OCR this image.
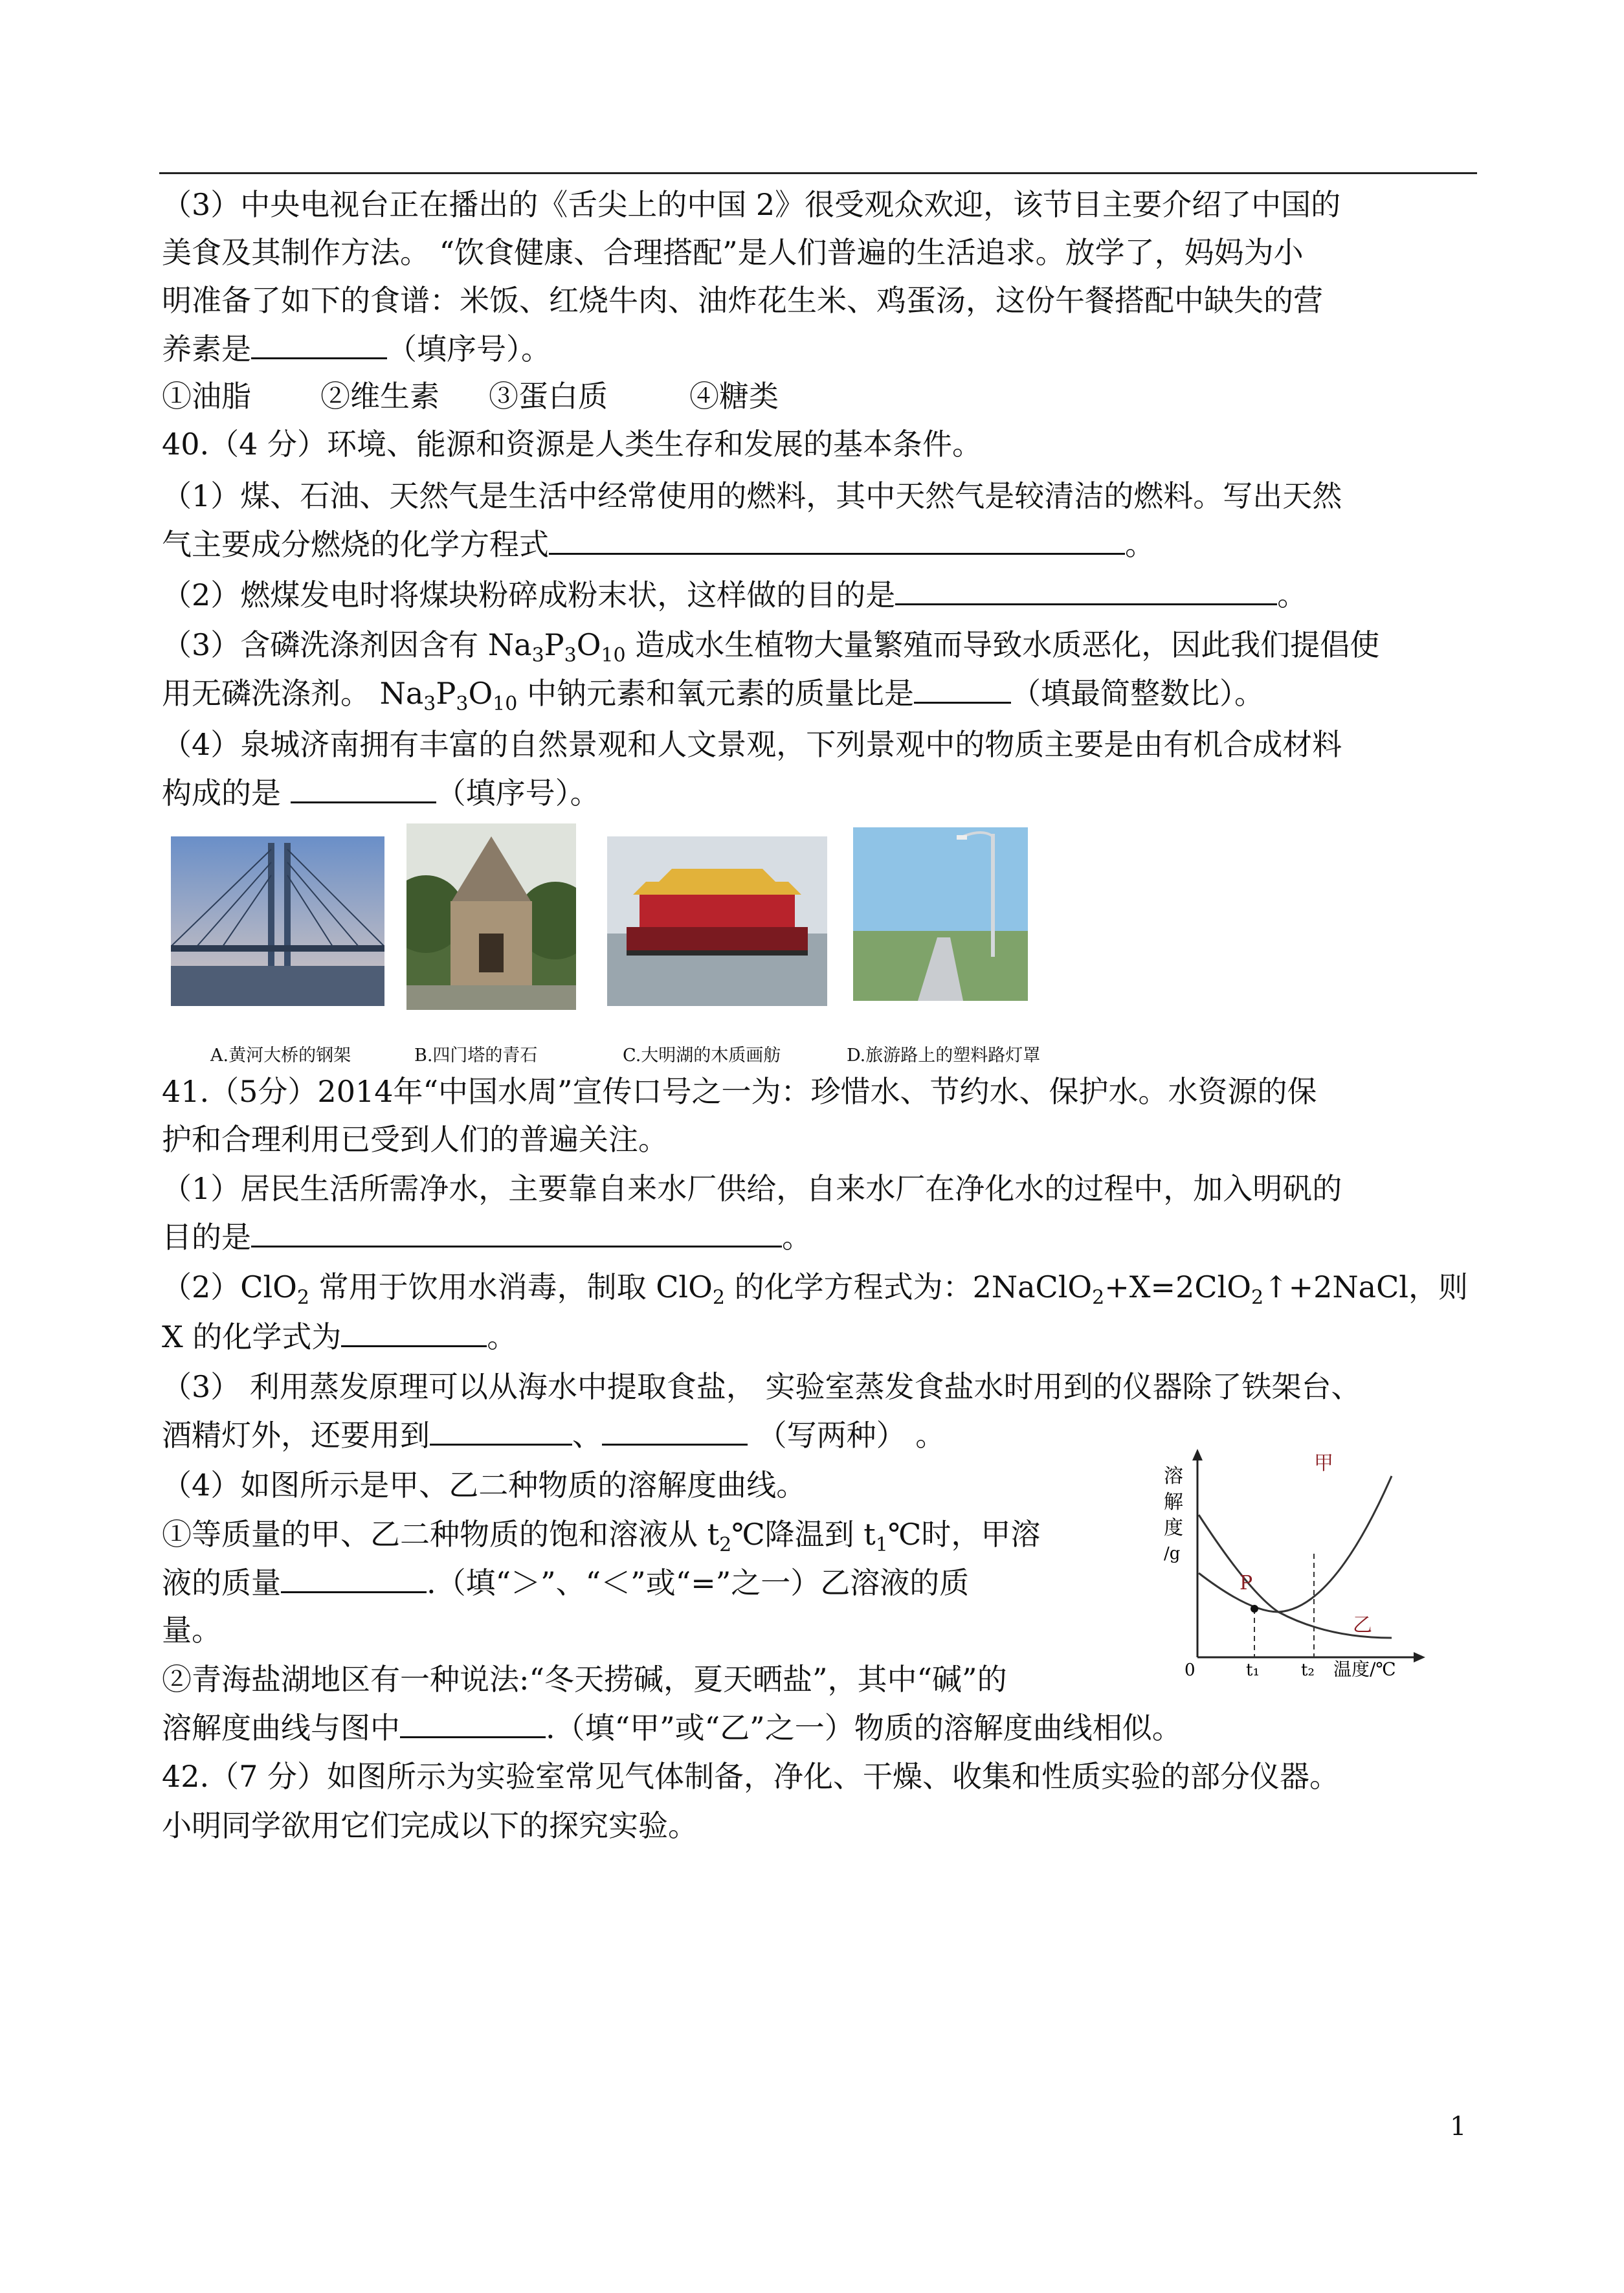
（3）中央电视台正在播出的《舌尖上的中国 2》很受观众欢迎，该节目主要介绍了中国的
美食及其制作方法。 “饮食健康、合理搭配”是人们普遍的生活追求。放学了，妈妈为小
明准备了如下的食谱：米饭、红烧牛肉、油炸花生米、鸡蛋汤，这份午餐搭配中缺失的营
养素是	（填序号）。
①油脂 ②维生素 ③蛋白质	④糖类
40.（4 分）环境、能源和资源是人类生存和发展的基本条件。
（1）煤、石油、天然气是生活中经常使用的燃料，其中天然气是较清洁的燃料。写出天然
气主要成分燃烧的化学方程式	。
（2）燃煤发电时将煤块粉碎成粉末状，这样做的目的是	。
（3）含磷洗涤剂因含有 $Na_3P_3O_{10}$ 造成水生植物大量繁殖而导致水质恶化，因此我们提倡使
用无磷洗涤剂。 $Na_3P_3O_{10}$ 中钠元素和氧元素的质量比是	（填最简整数比）。
（4）泉城济南拥有丰富的自然景观和人文景观，下列景观中的物质主要是由有机合成材料
构成的是	（填序号）。
A.黄河大桥的钢架	B.四门塔的青石	C.大明湖的木质画舫	D.旅游路上的塑料路灯罩
41.（5分）2014年“中国水周”宣传口号之一为：珍惜水、节约水、保护水。水资源的保
护和合理利用已受到人们的普遍关注。
（1）居民生活所需净水，主要靠自来水厂供给，自来水厂在净化水的过程中，加入明矾的
目的是	。
（2）ClO$_2$ 常用于饮用水消毒，制取 ClO$_2$ 的化学方程式为：2NaClO$_2$+X=2ClO$_2$↑+2NaCl，则
X 的化学式为	。
（3） 利用蒸发原理可以从海水中提取食盐， 实验室蒸发食盐水时用到的仪器除了铁架台、
酒精灯外，还要用到	、	（写两种） 。
（4）如图所示是甲、乙二种物质的溶解度曲线。
①等质量的甲、乙二种物质的饱和溶液从 $t_2℃$降温到 $t_1℃$时，甲溶
液的质量	.（填“＞”、“＜”或“=”之一）乙溶液的质
量。
②青海盐湖地区有一种说法:“冬天捞碱，夏天晒盐”，其中“碱”的
溶解度曲线与图中	.（填“甲”或“乙”之一）物质的溶解度曲线相似。
溶
解
度
/g
0	t₁ t₂ 温度/℃
P
甲
乙
42.（7 分）如图所示为实验室常见气体制备，净化、干燥、收集和性质实验的部分仪器。
小明同学欲用它们完成以下的探究实验。
1
